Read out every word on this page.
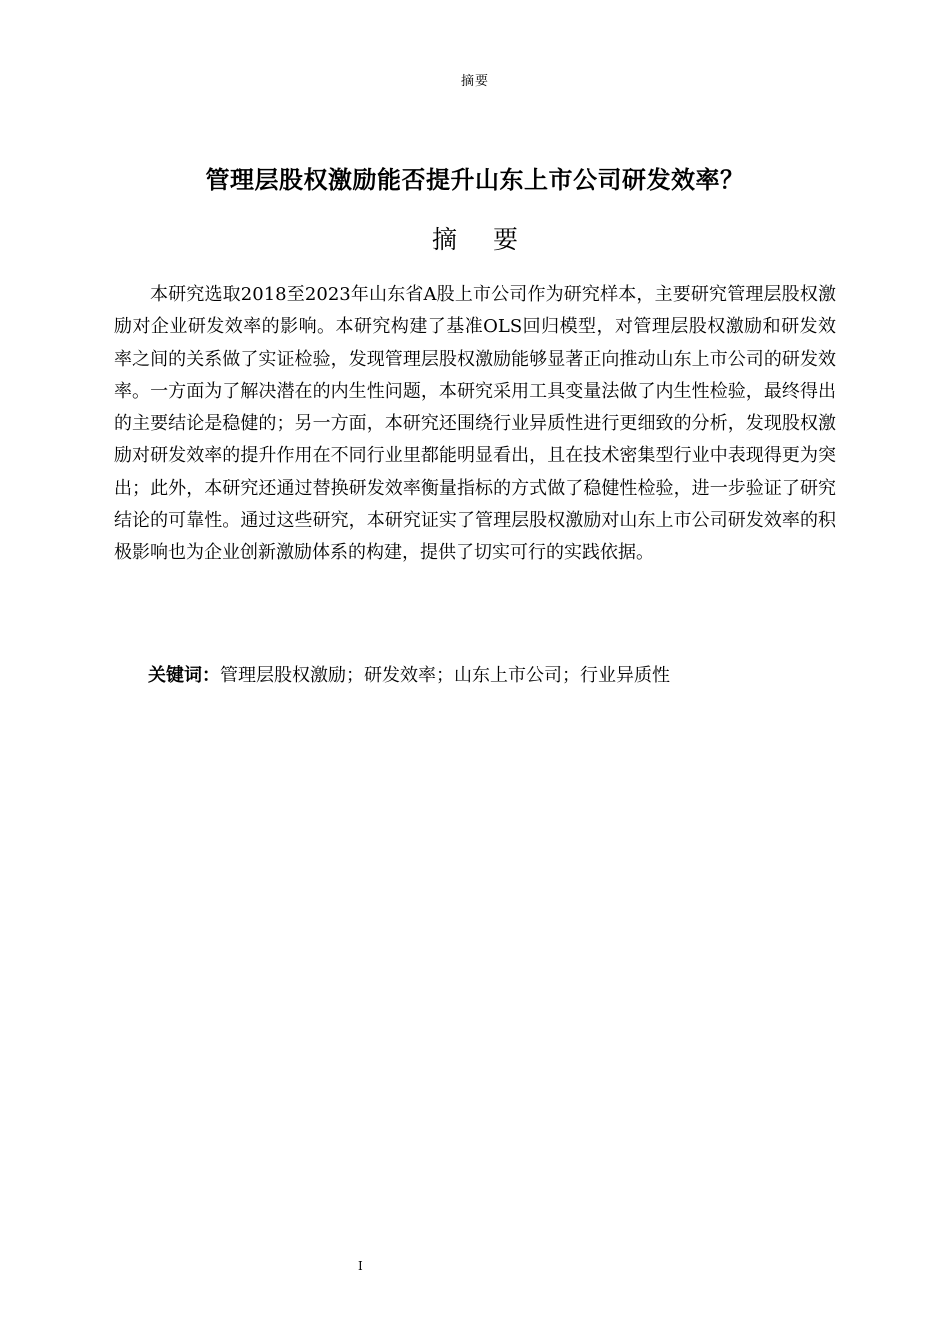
摘要
管理层股权激励能否提升山东上市公司研发效率？
摘要

本研究选取2018至2023年山东省A股上市公司作为研究样本，主要研究管理层股权激励对企业研发效率的影响。本研究构建了基准OLS回归模型，对管理层股权激励和研发效率之间的关系做了实证检验，发现管理层股权激励能够显著正向推动山东上市公司的研发效率。一方面为了解决潜在的内生性问题，本研究采用工具变量法做了内生性检验，最终得出的主要结论是稳健的；另一方面，本研究还围绕行业异质性进行更细致的分析，发现股权激励对研发效率的提升作用在不同行业里都能明显看出，且在技术密集型行业中表现得更为突出；此外，本研究还通过替换研发效率衡量指标的方式做了稳健性检验，进一步验证了研究结论的可靠性。通过这些研究，本研究证实了管理层股权激励对山东上市公司研发效率的积极影响也为企业创新激励体系的构建，提供了切实可行的实践依据。

关键词：管理层股权激励；研发效率；山东上市公司；行业异质性
I
